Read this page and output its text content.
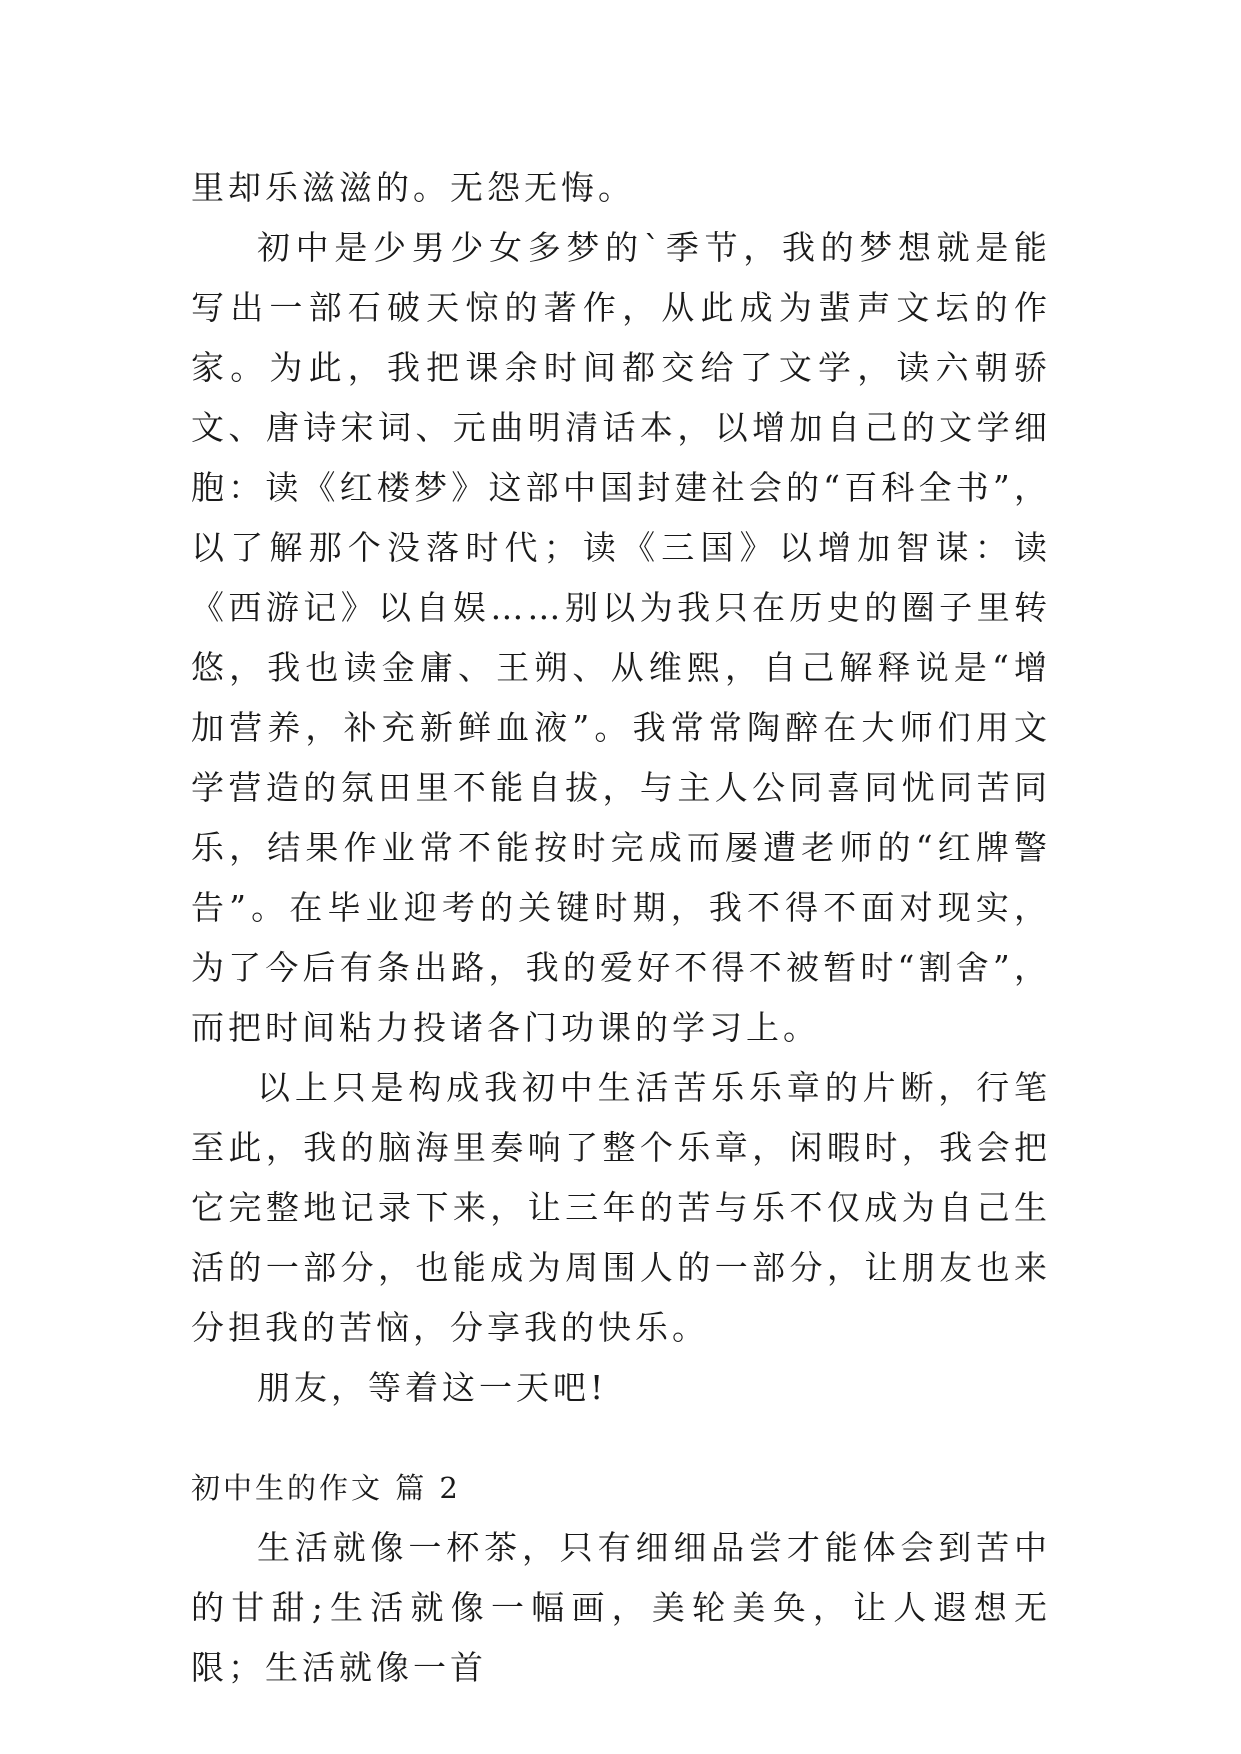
里却乐滋滋的。无怨无悔。

初中是少男少女多梦的`季节，我的梦想就是能写出一部石破天惊的著作，从此成为蜚声文坛的作家。为此，我把课余时间都交给了文学，读六朝骄文、唐诗宋词、元曲明清话本，以增加自己的文学细胞：读《红楼梦》这部中国封建社会的“百科全书”，以了解那个没落时代；读《三国》以增加智谋：读《西游记》以自娱……别以为我只在历史的圈子里转悠，我也读金庸、王朔、从维熙，自己解释说是“增加营养，补充新鲜血液”。我常常陶醉在大师们用文学营造的氛田里不能自拔，与主人公同喜同忧同苦同乐，结果作业常不能按时完成而屡遭老师的“红牌警告”。在毕业迎考的关键时期，我不得不面对现实，为了今后有条出路，我的爱好不得不被暂时“割舍”，而把时间粘力投诸各门功课的学习上。

以上只是构成我初中生活苦乐乐章的片断，行笔至此，我的脑海里奏响了整个乐章，闲暇时，我会把它完整地记录下来，让三年的苦与乐不仅成为自己生活的一部分，也能成为周围人的一部分，让朋友也来分担我的苦恼，分享我的快乐。

朋友，等着这一天吧!

初中生的作文 篇 2

生活就像一杯茶，只有细细品尝才能体会到苦中的甘甜;生活就像一幅画，美轮美奂，让人遐想无限；生活就像一首
